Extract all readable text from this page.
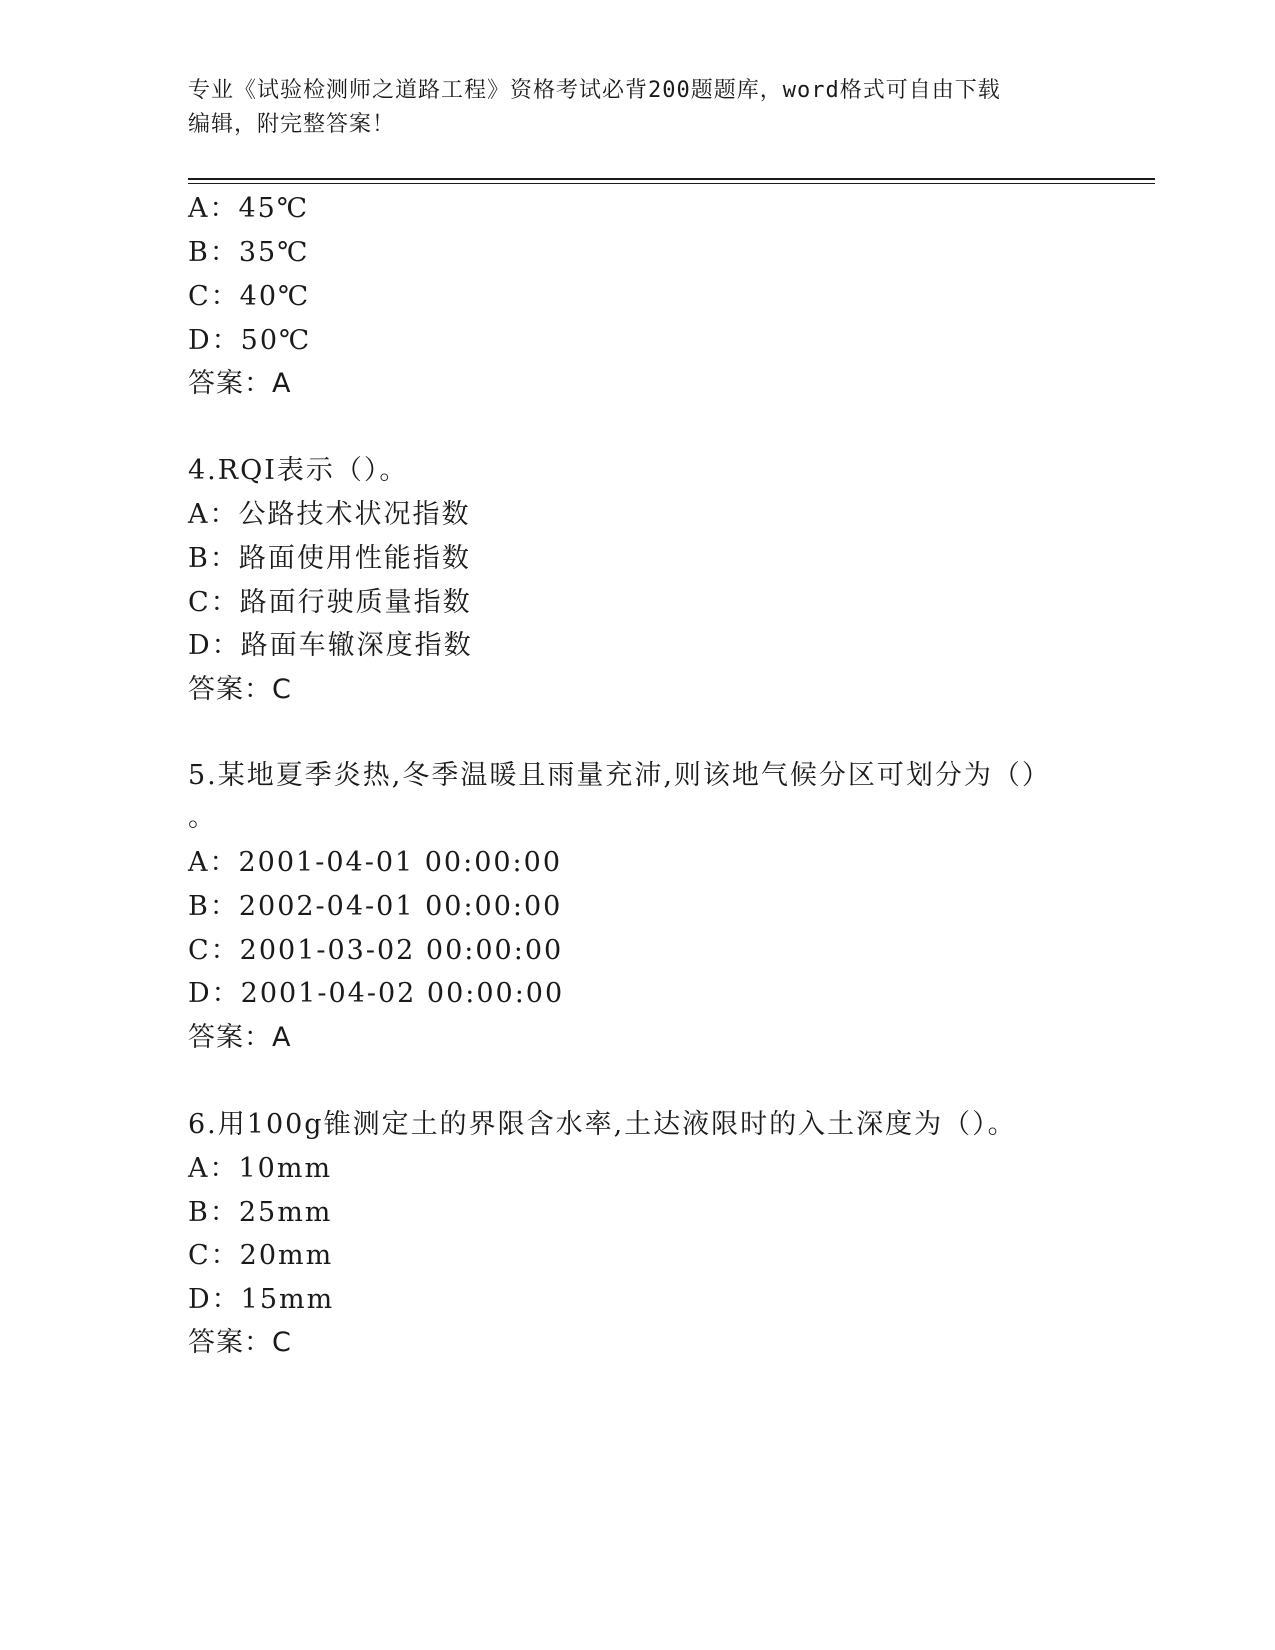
专业《试验检测师之道路工程》资格考试必背200题题库，word格式可自由下载
编辑，附完整答案！
A：45℃
B：35℃
C：40℃
D：50℃
答案：A
4.RQI表示（）。
A：公路技术状况指数
B：路面使用性能指数
C：路面行驶质量指数
D：路面车辙深度指数
答案：C
5.某地夏季炎热,冬季温暖且雨量充沛,则该地气候分区可划分为（）
。
A：2001-04-01 00:00:00
B：2002-04-01 00:00:00
C：2001-03-02 00:00:00
D：2001-04-02 00:00:00
答案：A
6.用100g锥测定土的界限含水率,土达液限时的入土深度为（）。
A：10mm
B：25mm
C：20mm
D：15mm
答案：C
